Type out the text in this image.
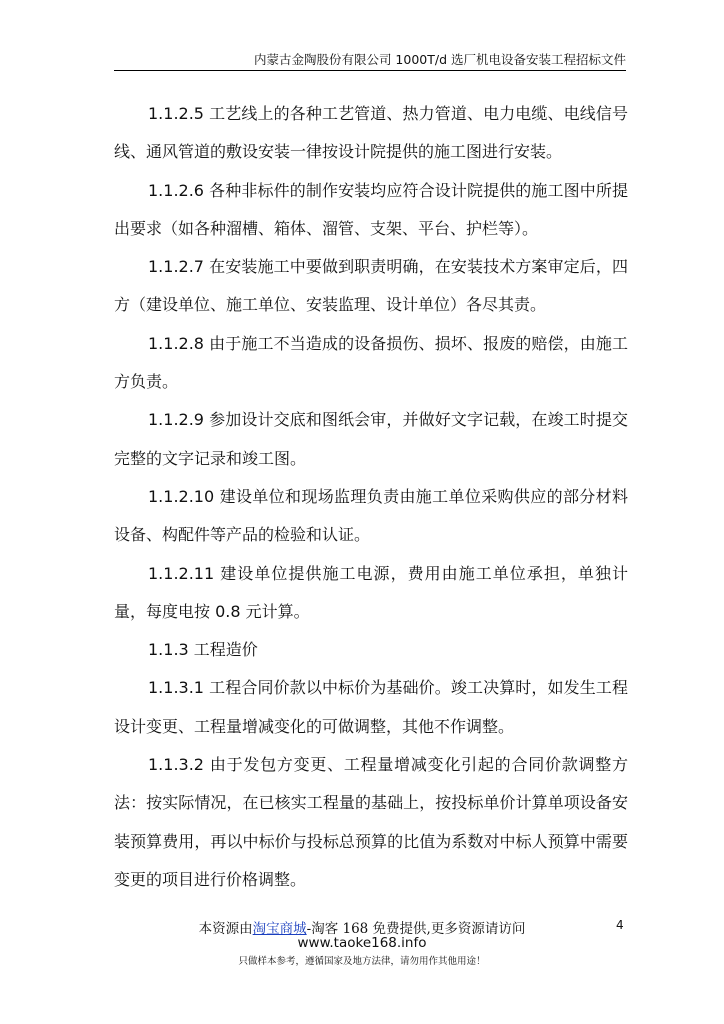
内蒙古金陶股份有限公司 1000T/d 选厂机电设备安装工程招标文件

1.1.2.5 工艺线上的各种工艺管道、热力管道、电力电缆、电线信号线、通风管道的敷设安装一律按设计院提供的施工图进行安装。

1.1.2.6 各种非标件的制作安装均应符合设计院提供的施工图中所提出要求（如各种溜槽、箱体、溜管、支架、平台、护栏等）。

1.1.2.7 在安装施工中要做到职责明确，在安装技术方案审定后，四方（建设单位、施工单位、安装监理、设计单位）各尽其责。

1.1.2.8 由于施工不当造成的设备损伤、损坏、报废的赔偿，由施工方负责。

1.1.2.9 参加设计交底和图纸会审，并做好文字记载，在竣工时提交完整的文字记录和竣工图。

1.1.2.10 建设单位和现场监理负责由施工单位采购供应的部分材料设备、构配件等产品的检验和认证。

1.1.2.11 建设单位提供施工电源，费用由施工单位承担，单独计量，每度电按 0.8 元计算。

1.1.3 工程造价

1.1.3.1 工程合同价款以中标价为基础价。竣工决算时，如发生工程设计变更、工程量增减变化的可做调整，其他不作调整。

1.1.3.2 由于发包方变更、工程量增减变化引起的合同价款调整方法：按实际情况，在已核实工程量的基础上，按投标单价计算单项设备安装预算费用，再以中标价与投标总预算的比值为系数对中标人预算中需要变更的项目进行价格调整。

本资源由淘宝商城-淘客 168 免费提供,更多资源请访问	4
www.taoke168.info
只做样本参考，遵循国家及地方法律，请勿用作其他用途！
